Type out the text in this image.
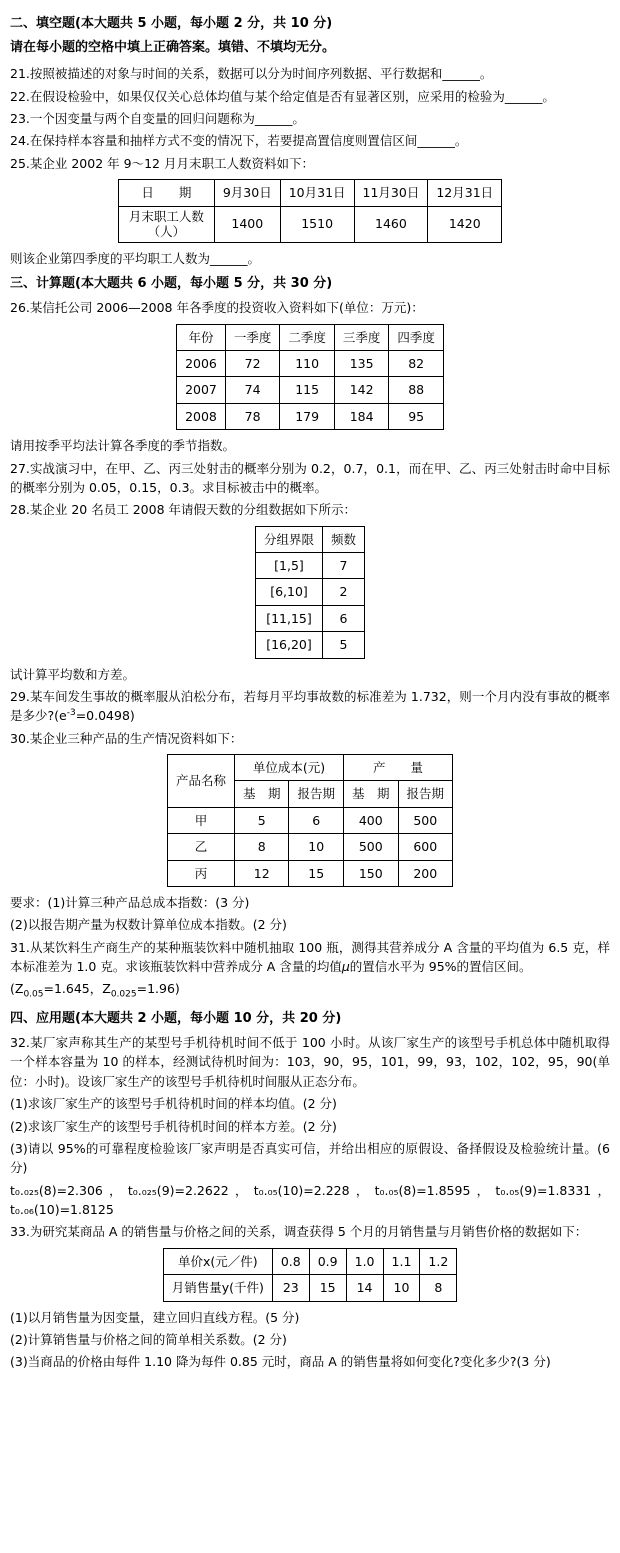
二、填空题(本大题共 5 小题，每小题 2 分，共 10 分)
请在每小题的空格中填上正确答案。填错、不填均无分。
21.按照被描述的对象与时间的关系，数据可以分为时间序列数据、平行数据和______。
22.在假设检验中，如果仅仅关心总体均值与某个给定值是否有显著区别，应采用的检验为______。
23.一个因变量与两个自变量的回归问题称为______。
24.在保持样本容量和抽样方式不变的情况下，若要提高置信度则置信区间______。
25.某企业 2002 年 9～12 月月末职工人数资料如下：
日　　期	9月30日	10月31日	11月30日	12月31日
月末职工人数
（人）	1400	1510	1460	1420
则该企业第四季度的平均职工人数为______。
三、计算题(本大题共 6 小题，每小题 5 分，共 30 分)
26.某信托公司 2006—2008 年各季度的投资收入资料如下(单位：万元)：
年份	一季度	二季度	三季度	四季度
2006	72	110	135	82
2007	74	115	142	88
2008	78	179	184	95
请用按季平均法计算各季度的季节指数。
27.实战演习中，在甲、乙、丙三处射击的概率分别为 0.2，0.7，0.1，而在甲、乙、丙三处射击时命中目标的概率分别为 0.05，0.15，0.3。求目标被击中的概率。
28.某企业 20 名员工 2008 年请假天数的分组数据如下所示：
分组界限	频数
[1,5]	7
[6,10]	2
[11,15]	6
[16,20]	5
试计算平均数和方差。
29.某车间发生事故的概率服从泊松分布，若每月平均事故数的标准差为 1.732，则一个月内没有事故的概率是多少$?(e^{-3}=0.0498)$
30.某企业三种产品的生产情况资料如下：
产品名称	单位成本(元)		产　　量	
	基　期	报告期	基　期	报告期
甲	5	6	400	500
乙	8	10	500	600
丙	12	15	150	200
要求：(1)计算三种产品总成本指数：(3 分)
(2)以报告期产量为权数计算单位成本指数。(2 分)
31.从某饮料生产商生产的某种瓶装饮料中随机抽取 100 瓶，测得其营养成分 A 含量的平均值为 6.5 克，样本标准差为 1.0 克。求该瓶装饮料中营养成分 A 含量的均值μ的置信水平为 95%的置信区间。
($Z_{0.05}=1.645$，$Z_{0.025}=1.96$)
四、应用题(本大题共 2 小题，每小题 10 分，共 20 分)
32.某厂家声称其生产的某型号手机待机时间不低于 100 小时。从该厂家生产的该型号手机总体中随机取得一个样本容量为 10 的样本，经测试待机时间为：103，90，95，101，99，93，102，102，95，90(单位：小时)。设该厂家生产的该型号手机待机时间服从正态分布。
(1)求该厂家生产的该型号手机待机时间的样本均值。(2 分)
(2)求该厂家生产的该型号手机待机时间的样本方差。(2 分)
(3)请以 95%的可靠程度检验该厂家声明是否真实可信，并给出相应的原假设、备择假设及检验统计量。(6 分)
t₀.₀₂₅(8)=2.306，t₀.₀₂₅(9)=2.2622，t₀.₀₅(10)=2.228，t₀.₀₅(8)=1.8595，t₀.₀₅(9)=1.8331，t₀.₀₆(10)=1.8125
33.为研究某商品 A 的销售量与价格之间的关系，调查获得 5 个月的月销售量与月销售价格的数据如下：
单价x(元／件)	0.8	0.9	1.0	1.1	1.2
月销售量y(千件)	23	15	14	10	8
(1)以月销售量为因变量，建立回归直线方程。(5 分)
(2)计算销售量与价格之间的简单相关系数。(2 分)
(3)当商品的价格由每件 1.10 降为每件 0.85 元时，商品 A 的销售量将如何变化?变化多少?(3 分)
